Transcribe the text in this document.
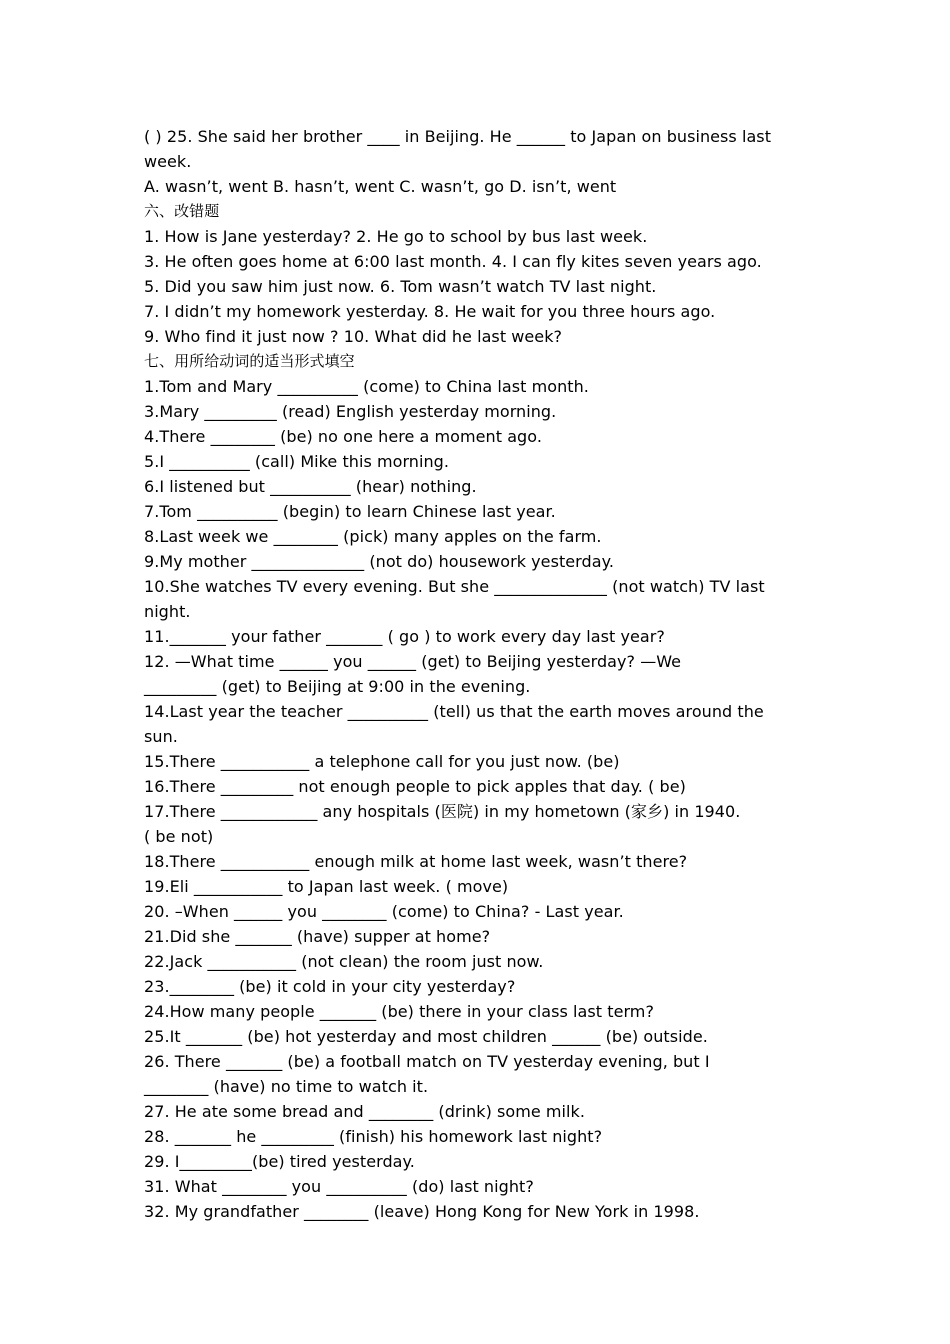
( ) 25. She said her brother ____ in Beijing. He ______ to Japan on business last

week.

A. wasn’t, went B. hasn’t, went C. wasn’t, go D. isn’t, went

六、改错题

1. How is Jane yesterday? 2. He go to school by bus last week.

3. He often goes home at 6:00 last month. 4. I can fly kites seven years ago.

5. Did you saw him just now. 6. Tom wasn’t watch TV last night.

7. I didn’t my homework yesterday. 8. He wait for you three hours ago.

9. Who find it just now ? 10. What did he last week?

七、用所给动词的适当形式填空

1.Tom and Mary __________ (come) to China last month.

3.Mary _________ (read) English yesterday morning.

4.There ________ (be) no one here a moment ago.

5.I __________ (call) Mike this morning.

6.I listened but __________ (hear) nothing.

7.Tom __________ (begin) to learn Chinese last year.

8.Last week we ________ (pick) many apples on the farm.

9.My mother ______________ (not do) housework yesterday.

10.She watches TV every evening. But she ______________ (not watch) TV last

night.

11._______ your father _______ ( go ) to work every day last year?

12. —What time ______ you ______ (get) to Beijing yesterday? —We

_________ (get) to Beijing at 9:00 in the evening.

14.Last year the teacher __________ (tell) us that the earth moves around the

sun.

15.There ___________ a telephone call for you just now. (be)

16.There _________ not enough people to pick apples that day. ( be)

17.There ____________ any hospitals (医院) in my hometown (家乡) in 1940.

( be not)

18.There ___________ enough milk at home last week, wasn’t there?

19.Eli ___________ to Japan last week. ( move)

20. –When ______ you ________ (come) to China? - Last year.

21.Did she _______ (have) supper at home?

22.Jack ___________ (not clean) the room just now.

23.________ (be) it cold in your city yesterday?

24.How many people _______ (be) there in your class last term?

25.It _______ (be) hot yesterday and most children ______ (be) outside.

26. There _______ (be) a football match on TV yesterday evening, but I

________ (have) no time to watch it.

27. He ate some bread and ________ (drink) some milk.

28. _______ he _________ (finish) his homework last night?

29. I_________(be) tired yesterday.

31. What ________ you __________ (do) last night?

32. My grandfather ________ (leave) Hong Kong for New York in 1998.
